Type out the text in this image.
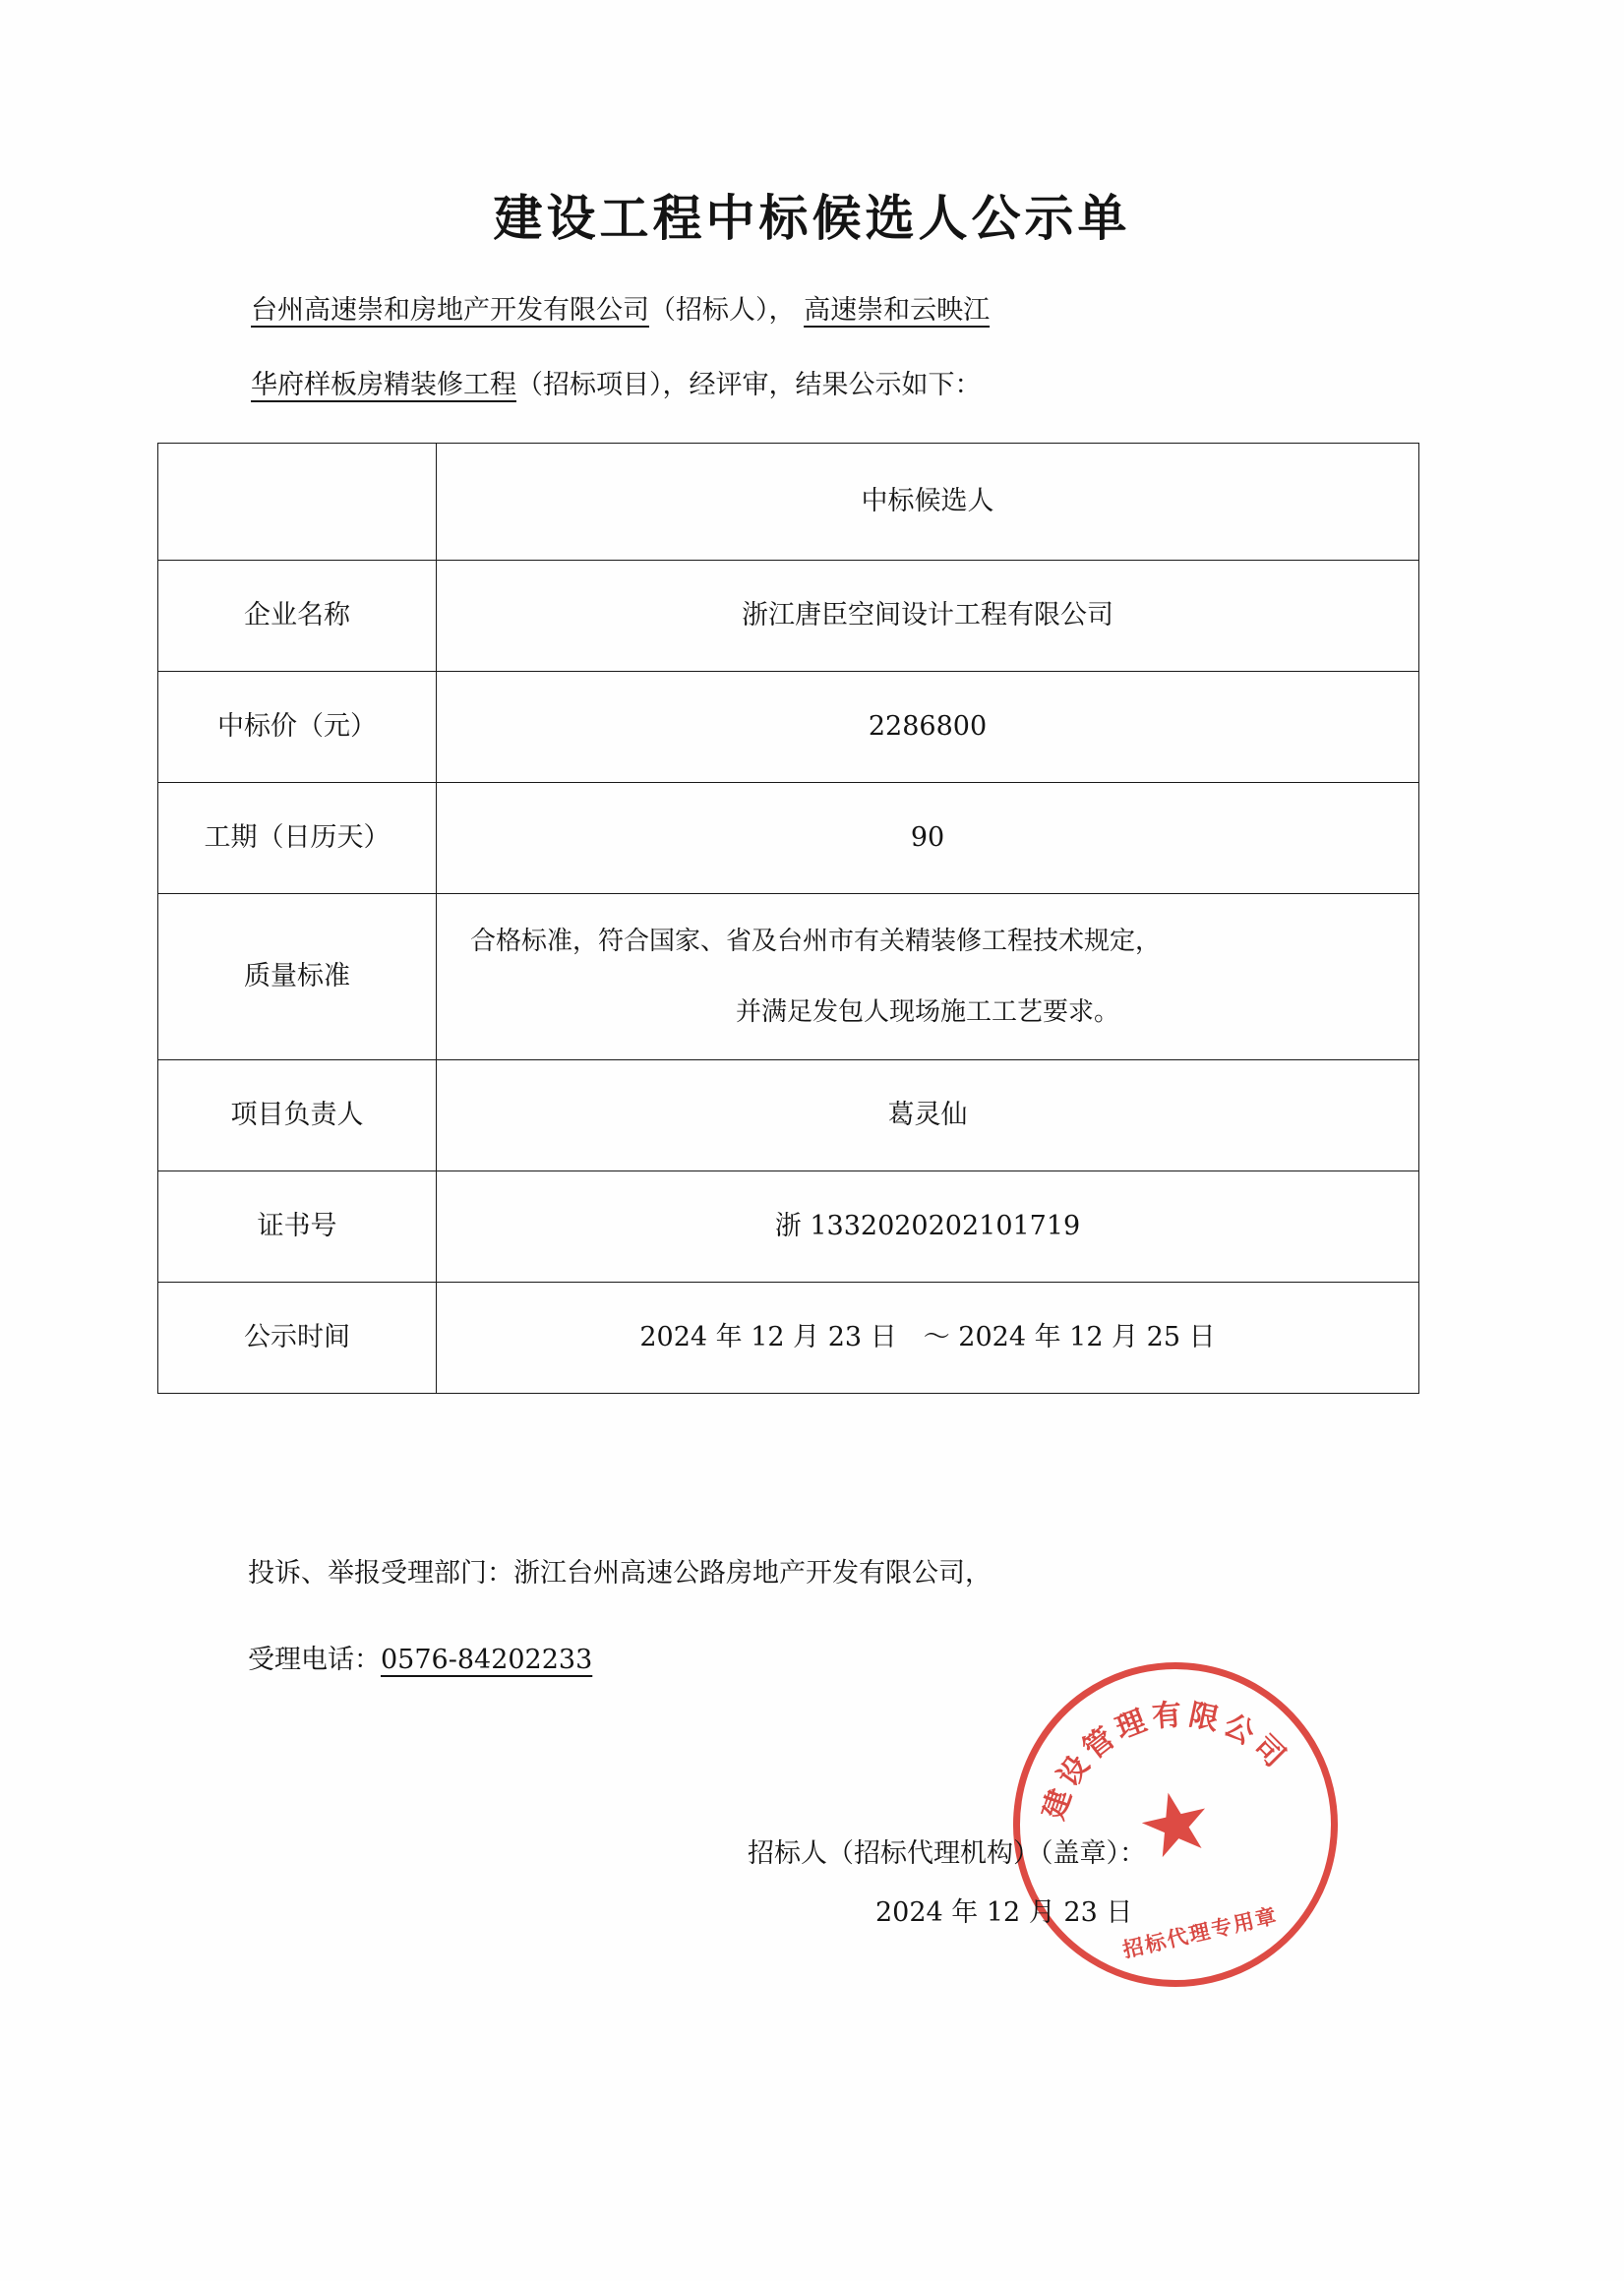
建设工程中标候选人公示单
台州高速崇和房地产开发有限公司（招标人）， 高速崇和云映江
华府样板房精装修工程（招标项目），经评审，结果公示如下：
	中标候选人
企业名称	浙江唐臣空间设计工程有限公司
中标价（元）	2286800
工期（日历天）	90
质量标准	合格标准，符合国家、省及台州市有关精装修工程技术规定，
并满足发包人现场施工工艺要求。

项目负责人	葛灵仙
证书号	浙 1332020202101719
公示时间	2024 年 12 月 23 日　～ 2024 年 12 月 25 日
投诉、举报受理部门：浙江台州高速公路房地产开发有限公司，
受理电话：0576-84202233
建设管理有限公司
★
招标代理专用章
招标人（招标代理机构）（盖章）：
2024 年 12 月 23 日
